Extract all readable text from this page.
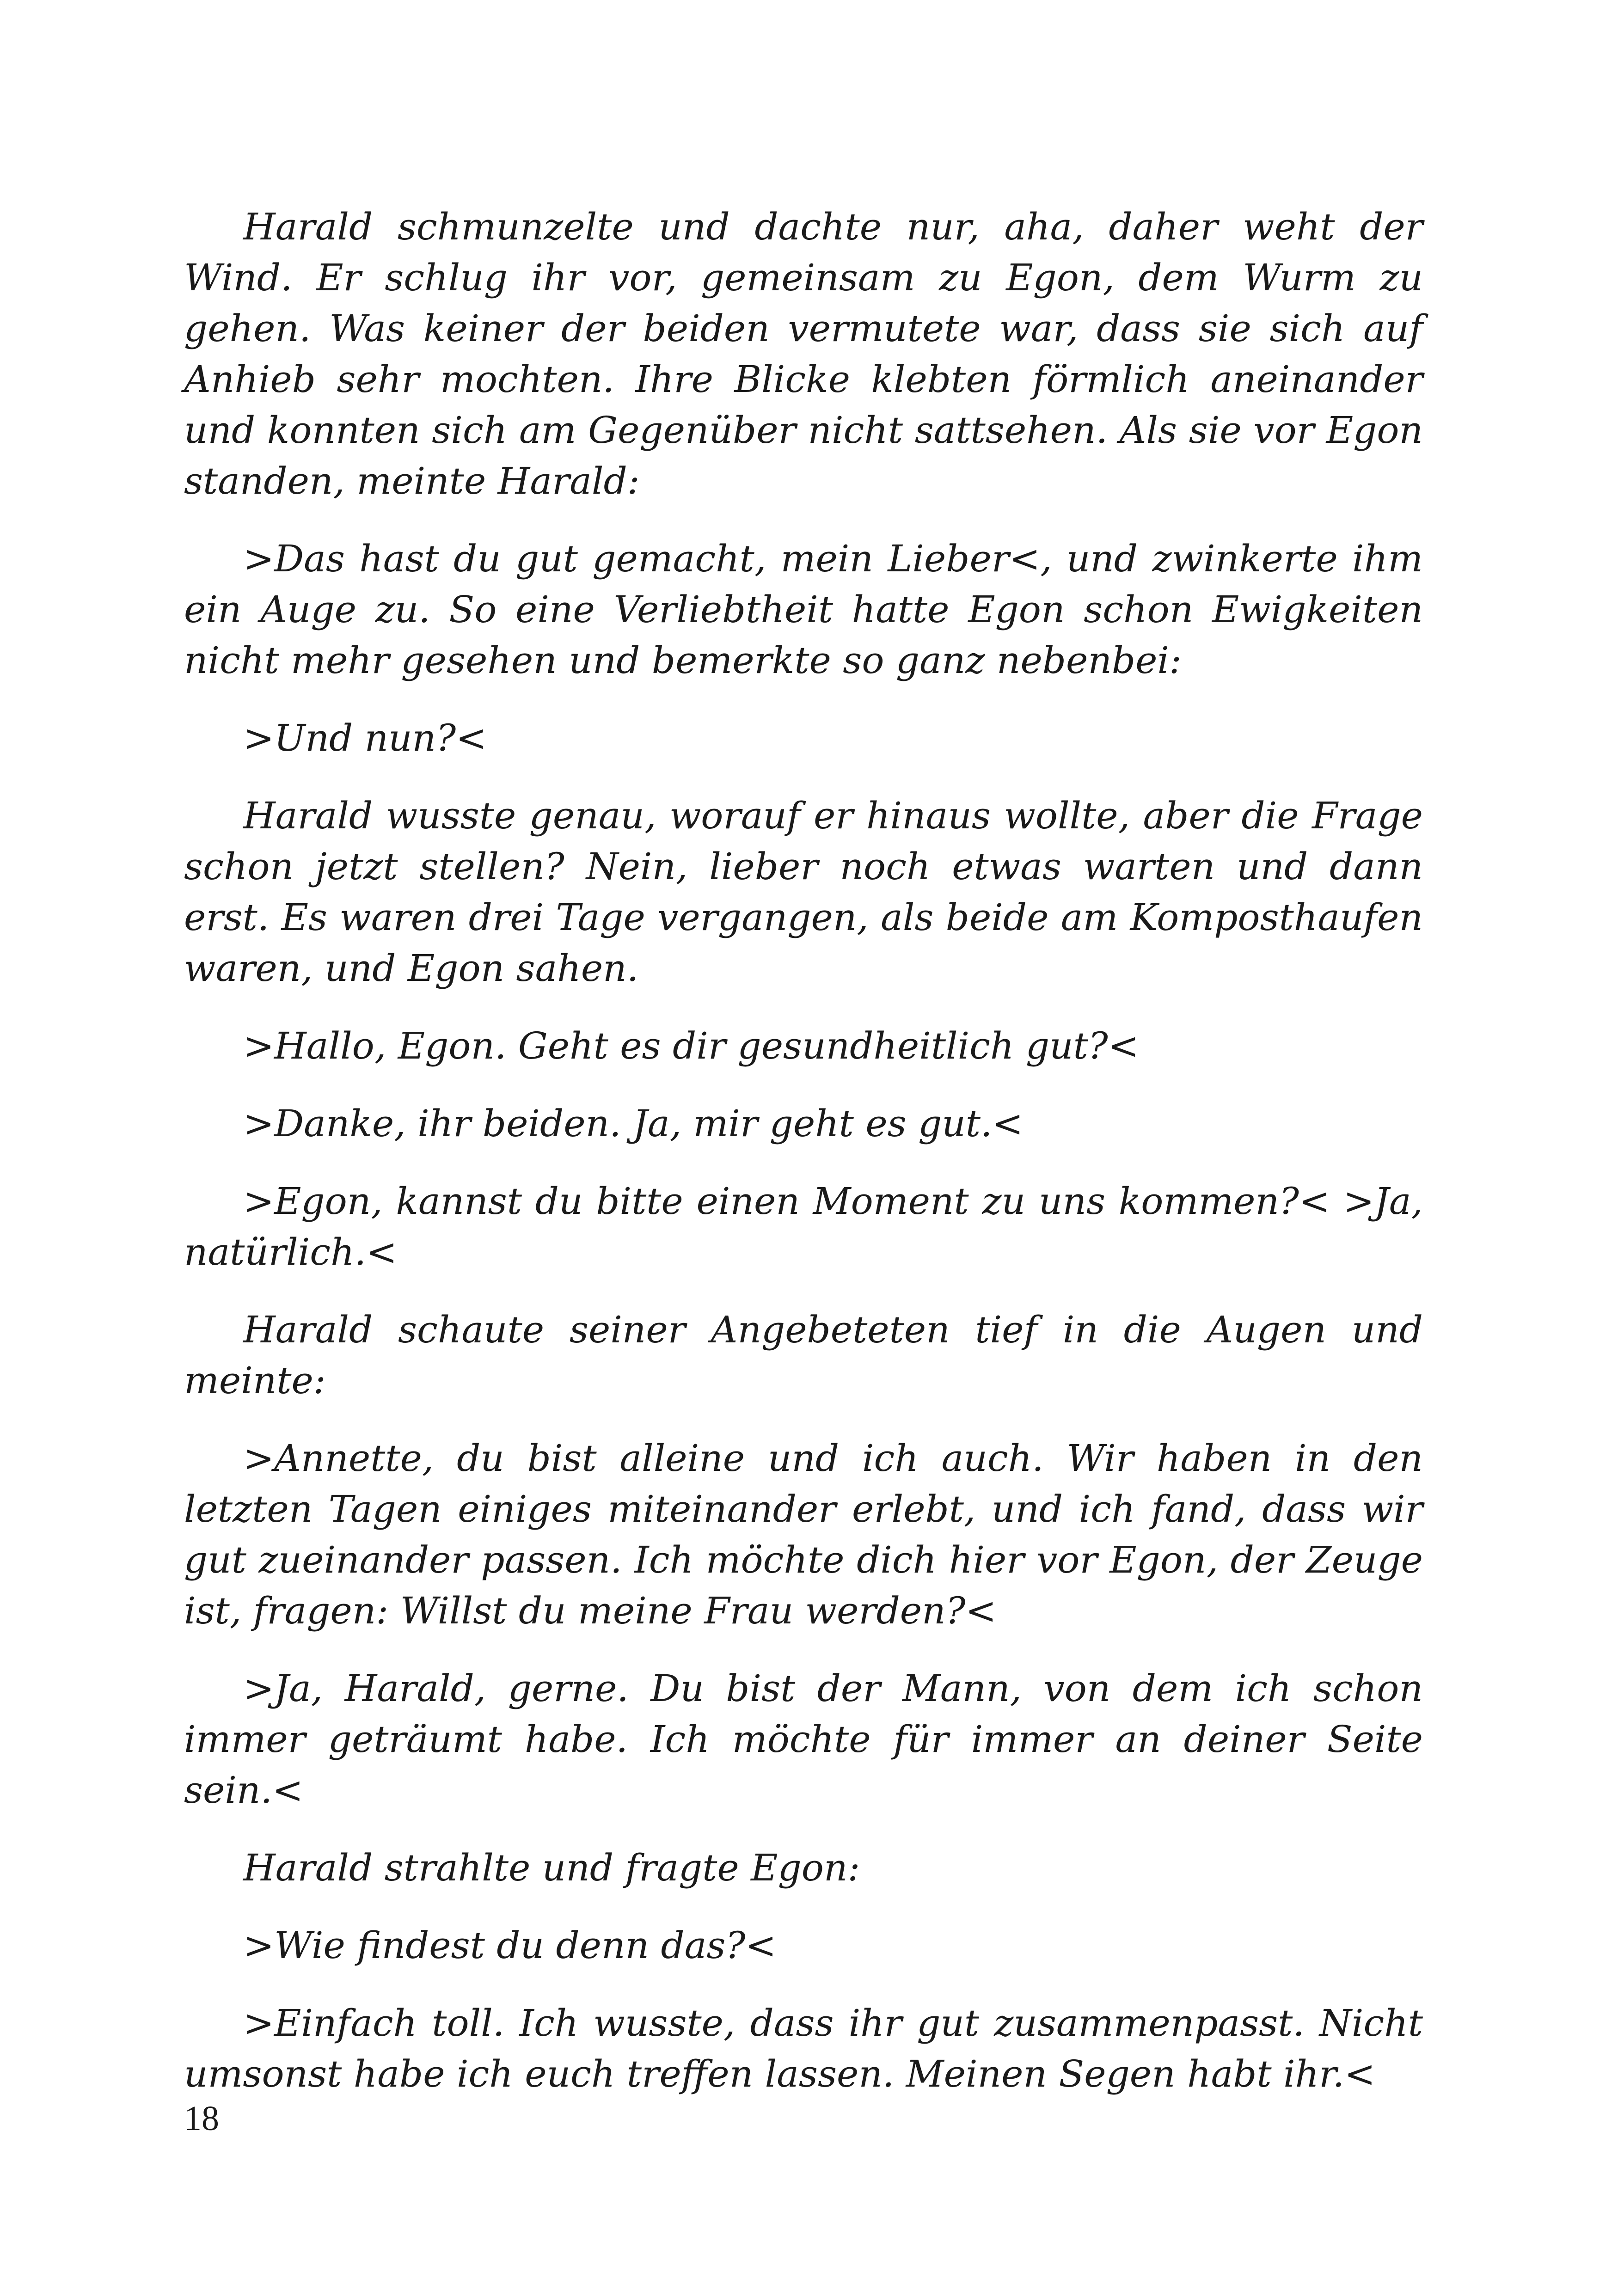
Harald schmunzelte und dachte nur, aha, daher weht der Wind. Er schlug ihr vor, gemeinsam zu Egon, dem Wurm zu gehen. Was keiner der beiden vermutete war, dass sie sich auf Anhieb sehr mochten. Ihre Blicke klebten förmlich aneinander und konnten sich am Gegenüber nicht sattsehen. Als sie vor Egon standen, meinte Harald:

>Das hast du gut gemacht, mein Lieber<, und zwinkerte ihm ein Auge zu. So eine Verliebtheit hatte Egon schon Ewigkeiten nicht mehr gesehen und bemerkte so ganz nebenbei:

>Und nun?<

Harald wusste genau, worauf er hinaus wollte, aber die Frage schon jetzt stellen? Nein, lieber noch etwas warten und dann erst. Es waren drei Tage vergangen, als beide am Komposthaufen waren, und Egon sahen.

>Hallo, Egon. Geht es dir gesundheitlich gut?<

>Danke, ihr beiden. Ja, mir geht es gut.<

>Egon, kannst du bitte einen Moment zu uns kommen?< >Ja, natürlich.<

Harald schaute seiner Angebeteten tief in die Augen und meinte:

>Annette, du bist alleine und ich auch. Wir haben in den letzten Tagen einiges miteinander erlebt, und ich fand, dass wir gut zueinander passen. Ich möchte dich hier vor Egon, der Zeuge ist, fragen: Willst du meine Frau werden?<

>Ja, Harald, gerne. Du bist der Mann, von dem ich schon immer geträumt habe. Ich möchte für immer an deiner Seite sein.<

Harald strahlte und fragte Egon:

>Wie findest du denn das?<

>Einfach toll. Ich wusste, dass ihr gut zusammenpasst. Nicht umsonst habe ich euch treffen lassen. Meinen Segen habt ihr.<

18
